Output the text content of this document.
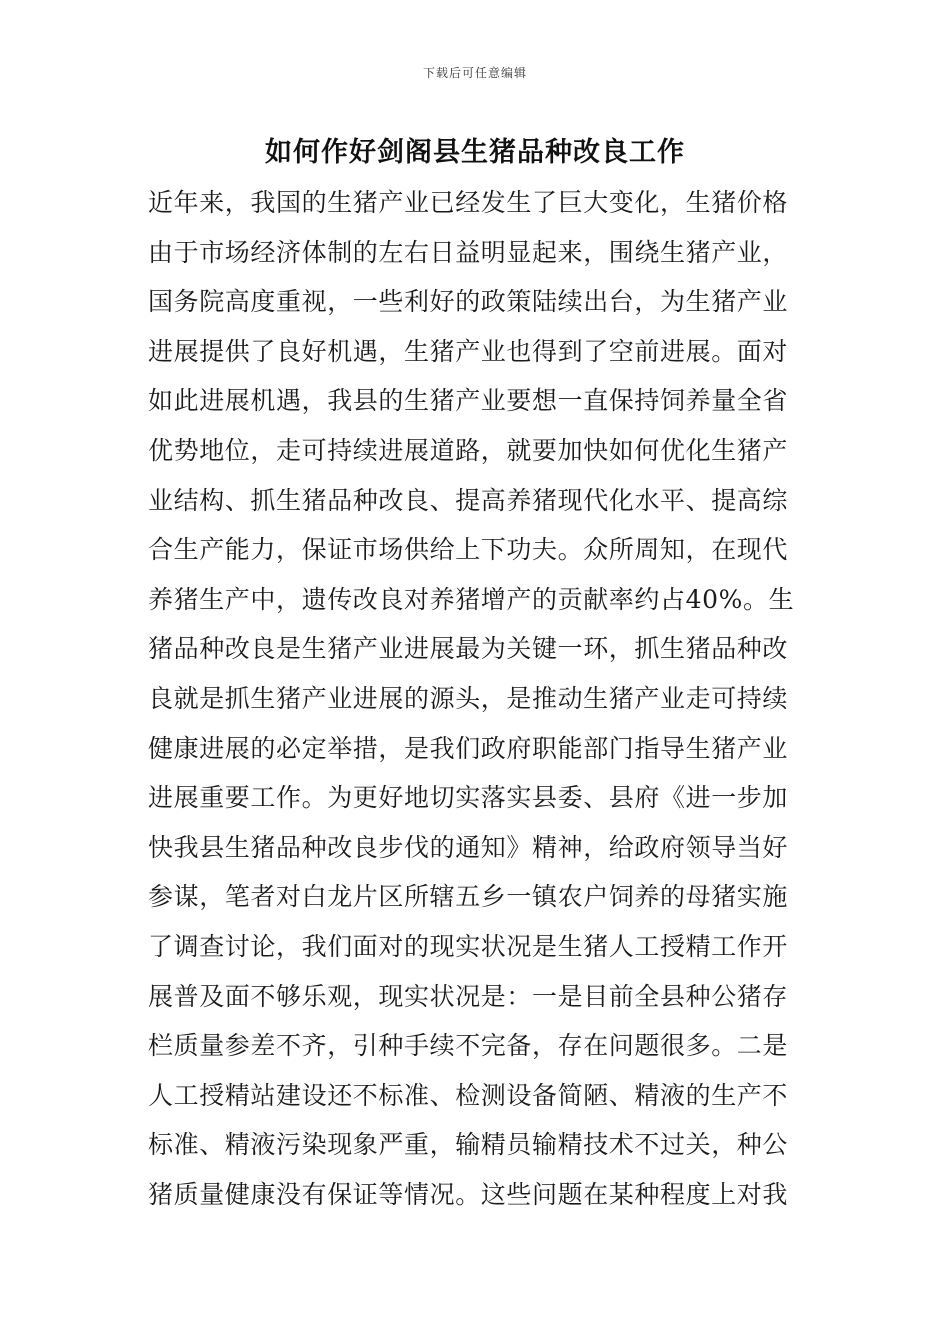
下载后可任意编辑
如何作好剑阁县生猪品种改良工作
近年来，我国的生猪产业已经发生了巨大变化，生猪价格
由于市场经济体制的左右日益明显起来，围绕生猪产业，
国务院高度重视，一些利好的政策陆续出台，为生猪产业
进展提供了良好机遇，生猪产业也得到了空前进展。面对
如此进展机遇，我县的生猪产业要想一直保持饲养量全省
优势地位，走可持续进展道路，就要加快如何优化生猪产
业结构、抓生猪品种改良、提高养猪现代化水平、提高综
合生产能力，保证市场供给上下功夫。众所周知，在现代
养猪生产中，遗传改良对养猪增产的贡献率约占40%。生
猪品种改良是生猪产业进展最为关键一环，抓生猪品种改
良就是抓生猪产业进展的源头，是推动生猪产业走可持续
健康进展的必定举措，是我们政府职能部门指导生猪产业
进展重要工作。为更好地切实落实县委、县府《进一步加
快我县生猪品种改良步伐的通知》精神，给政府领导当好
参谋，笔者对白龙片区所辖五乡一镇农户饲养的母猪实施
了调查讨论，我们面对的现实状况是生猪人工授精工作开
展普及面不够乐观，现实状况是：一是目前全县种公猪存
栏质量参差不齐，引种手续不完备，存在问题很多。二是
人工授精站建设还不标准、检测设备简陋、精液的生产不
标准、精液污染现象严重，输精员输精技术不过关，种公
猪质量健康没有保证等情况。这些问题在某种程度上对我
